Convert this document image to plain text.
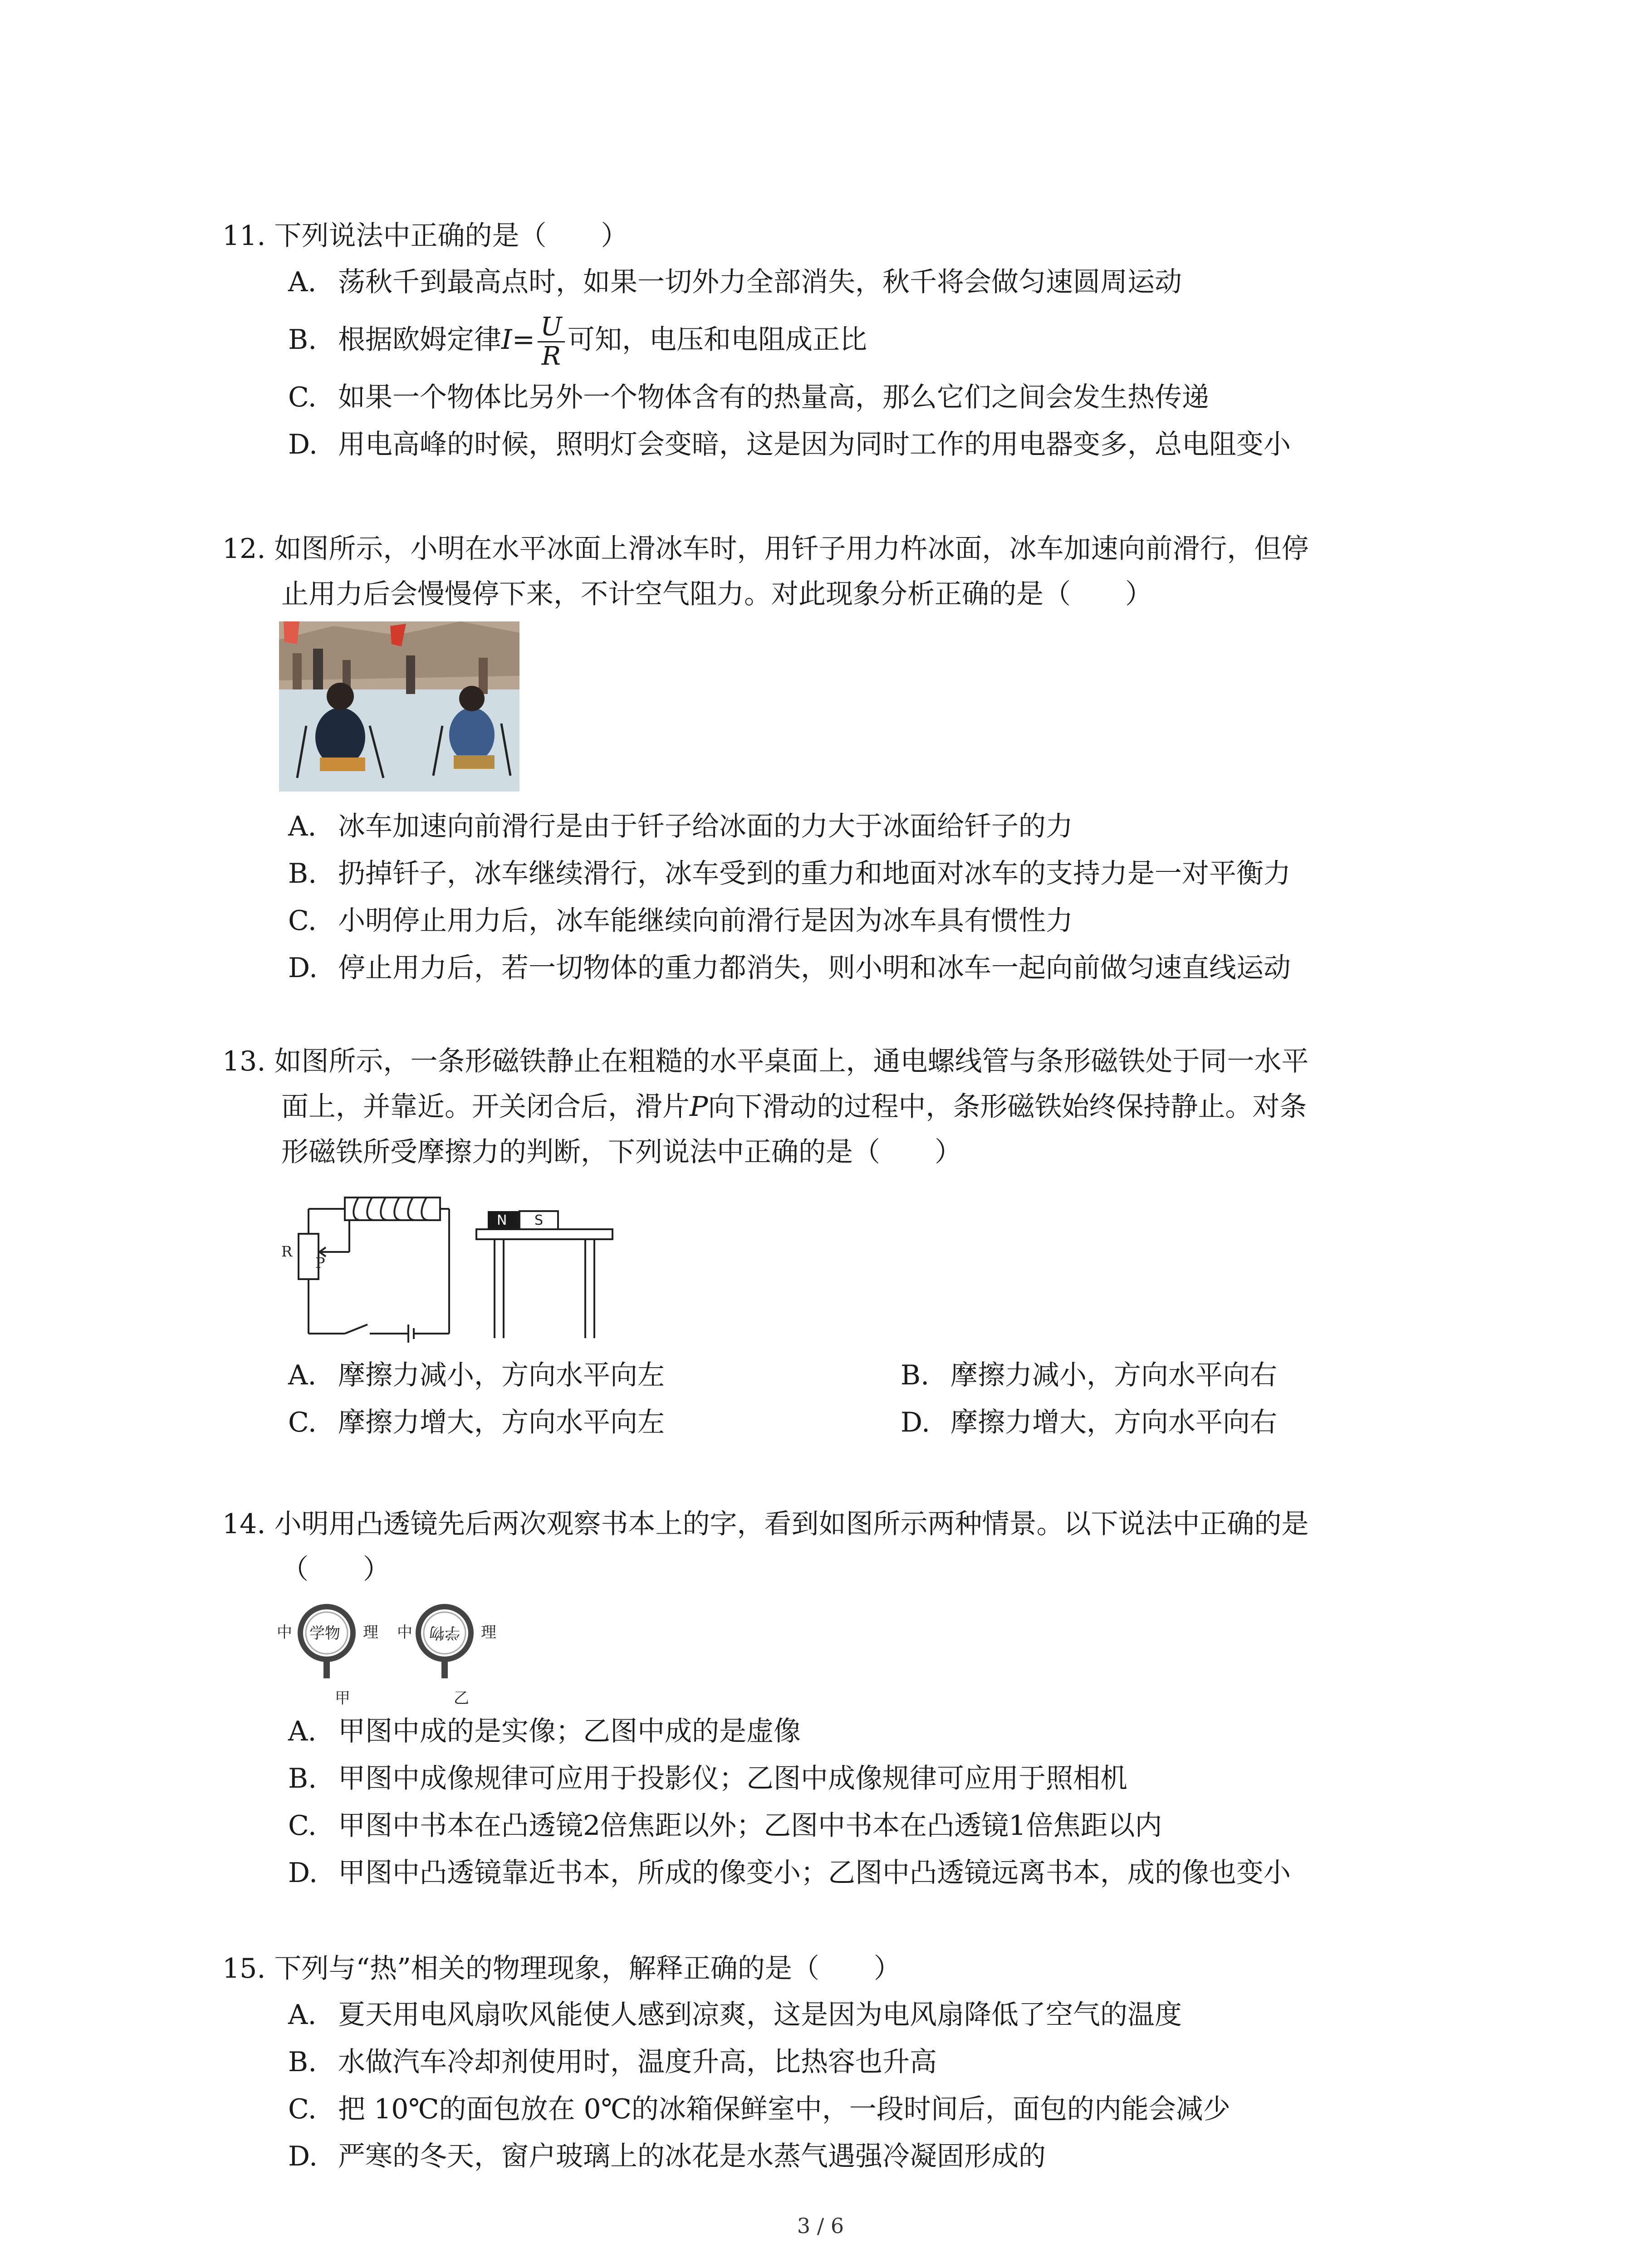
11. 下列说法中正确的是（　　）
A. 荡秋千到最高点时，如果一切外力全部消失，秋千将会做匀速圆周运动
B. 根据欧姆定律$I= \frac{U}{R}$ 可知，电压和电阻成正比
C. 如果一个物体比另外一个物体含有的热量高，那么它们之间会发生热传递
D. 用电高峰的时候，照明灯会变暗，这是因为同时工作的用电器变多，总电阻变小
12. 如图所示，小明在水平冰面上滑冰车时，用钎子用力杵冰面，冰车加速向前滑行，但停
止用力后会慢慢停下来，不计空气阻力。对此现象分析正确的是（　　）
A. 冰车加速向前滑行是由于钎子给冰面的力大于冰面给钎子的力
B. 扔掉钎子，冰车继续滑行，冰车受到的重力和地面对冰车的支持力是一对平衡力
C. 小明停止用力后，冰车能继续向前滑行是因为冰车具有惯性力
D. 停止用力后，若一切物体的重力都消失，则小明和冰车一起向前做匀速直线运动
13. 如图所示，一条形磁铁静止在粗糙的水平桌面上，通电螺线管与条形磁铁处于同一水平
面上，并靠近。开关闭合后，滑片P向下滑动的过程中，条形磁铁始终保持静止。对条
形磁铁所受摩擦力的判断，下列说法中正确的是（　　）
N S
R
P
A. 摩擦力减小，方向水平向左	B. 摩擦力减小，方向水平向右
C. 摩擦力增大，方向水平向左	D. 摩擦力增大，方向水平向右
14. 小明用凸透镜先后两次观察书本上的字，看到如图所示两种情景。以下说法中正确的是
（　　）
中 学物 理
甲
中 学物 理
乙
A. 甲图中成的是实像；乙图中成的是虚像
B. 甲图中成像规律可应用于投影仪；乙图中成像规律可应用于照相机
C. 甲图中书本在凸透镜2倍焦距以外；乙图中书本在凸透镜1倍焦距以内
D. 甲图中凸透镜靠近书本，所成的像变小；乙图中凸透镜远离书本，成的像也变小
15. 下列与“热”相关的物理现象，解释正确的是（　　）
A. 夏天用电风扇吹风能使人感到凉爽，这是因为电风扇降低了空气的温度
B. 水做汽车冷却剂使用时，温度升高，比热容也升高
C. 把 10℃的面包放在 0℃的冰箱保鲜室中，一段时间后，面包的内能会减少
D. 严寒的冬天，窗户玻璃上的冰花是水蒸气遇强冷凝固形成的
3 / 6
